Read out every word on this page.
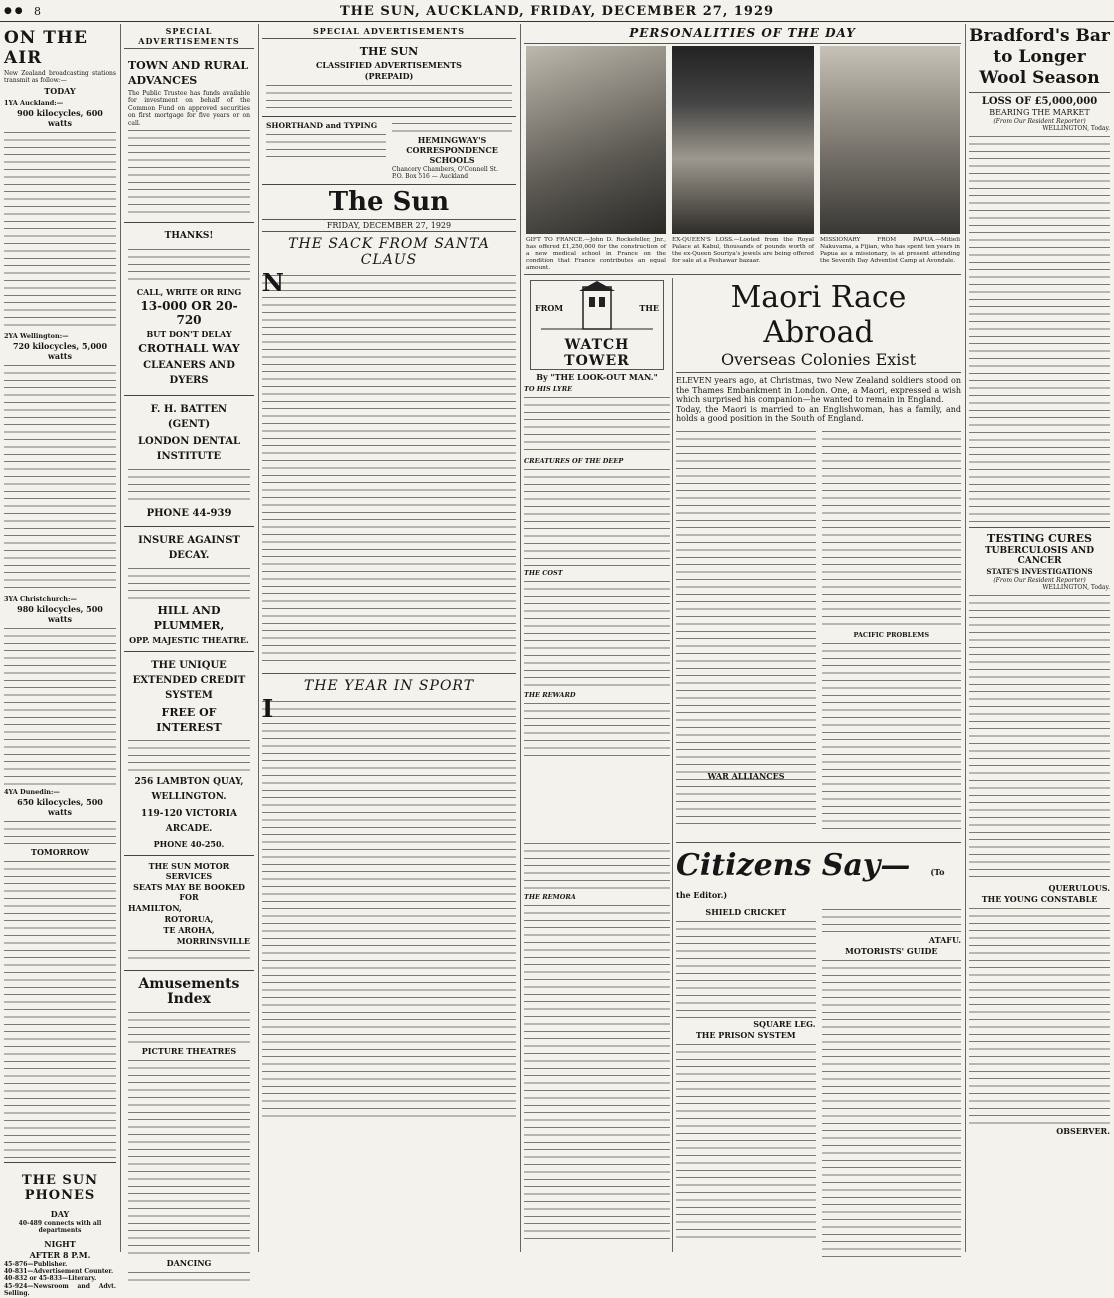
● ● 8	THE SUN, AUCKLAND, FRIDAY, DECEMBER 27, 1929
ON THE AIR

New Zealand broadcasting stations transmit as follow:—

TODAY
1YA Auckland:—
900 kilocycles, 600 watts
2YA Wellington:—
720 kilocycles, 5,000 watts
3YA Christchurch:—
980 kilocycles, 500 watts
4YA Dunedin:—
650 kilocycles, 500 watts
TOMORROW
THE SUN PHONES
DAY

40-489 connects with all departments

NIGHT
AFTER 8 P.M.

45-876—Publisher.

40-831—Advertisement Counter.

40-832 or 45-833—Literary.

45-924—Newsroom and Advt. Selling.

SPECIAL ADVERTISEMENTS
TOWN AND RURAL ADVANCES

The Public Trustee has funds available for investment on behalf of the Common Fund on approved securities on first mortgage for five years or on call.

THANKS!
CALL, WRITE OR RING
13-000 OR 20-720
BUT DON'T DELAY
CROTHALL WAY
CLEANERS AND DYERS
F. H. BATTEN (GENT)
LONDON DENTAL INSTITUTE
PHONE 44-939
INSURE AGAINST DECAY.
HILL AND PLUMMER,
OPP. MAJESTIC THEATRE.
THE UNIQUE EXTENDED CREDIT SYSTEM
FREE OF INTEREST
256 LAMBTON QUAY, WELLINGTON.
119-120 VICTORIA ARCADE.
PHONE 40-250.
THE SUN MOTOR SERVICES
SEATS MAY BE BOOKED FOR
HAMILTON,
ROTORUA,
TE AROHA,
MORRINSVILLE
Amusements Index
PICTURE THEATRES
DANCING
SPECIAL ADVERTISEMENTS
THE SUN
CLASSIFIED ADVERTISEMENTS
(PREPAID)
SHORTHAND and TYPING
HEMINGWAY'S CORRESPONDENCE SCHOOLS

Chancery Chambers, O'Connell St.

P.O. Box 516 — Auckland

The Sun
FRIDAY, DECEMBER 27, 1929
THE SACK FROM SANTA CLAUS
N
THE YEAR IN SPORT
I
PERSONALITIES OF THE DAY

GIFT TO FRANCE.—John D. Rockefeller, Jnr., has offered £1,250,000 for the construction of a new medical school in France on the condition that France contributes an equal amount.

EX-QUEEN'S LOSS.—Looted from the Royal Palace at Kabul, thousands of pounds worth of the ex-Queen Souriya's jewels are being offered for sale at a Peshawar bazaar.

MISSIONARY FROM PAPUA.—Mitieli Nakuvama, a Fijian, who has spent ten years in Papua as a missionary, is at present attending the Seventh Day Adventist Camp at Avondale.

FROM	THE
WATCH TOWER
By "THE LOOK-OUT MAN."
TO HIS LYRE
CREATURES OF THE DEEP
THE COST
THE REWARD
THE REMORA
Maori Race Abroad
Overseas Colonies Exist

ELEVEN years ago, at Christmas, two New Zealand soldiers stood on the Thames Embankment in London. One, a Maori, expressed a wish which surprised his companion—he wanted to remain in England.

Today, the Maori is married to an Englishwoman, has a family, and holds a good position in the South of England.

PACIFIC PROBLEMS
WAR ALLIANCES
Citizens Say—	(To the Editor.)
SHIELD CRICKET
SQUARE LEG.
THE PRISON SYSTEM
ATAFU.
MOTORISTS' GUIDE
Bradford's Bar to Longer Wool Season
LOSS OF £5,000,000
BEARING THE MARKET

(From Our Resident Reporter)

WELLINGTON, Today.

TESTING CURES
TUBERCULOSIS AND CANCER
STATE'S INVESTIGATIONS

(From Our Resident Reporter)

WELLINGTON, Today.

QUERULOUS.
THE YOUNG CONSTABLE
OBSERVER.
